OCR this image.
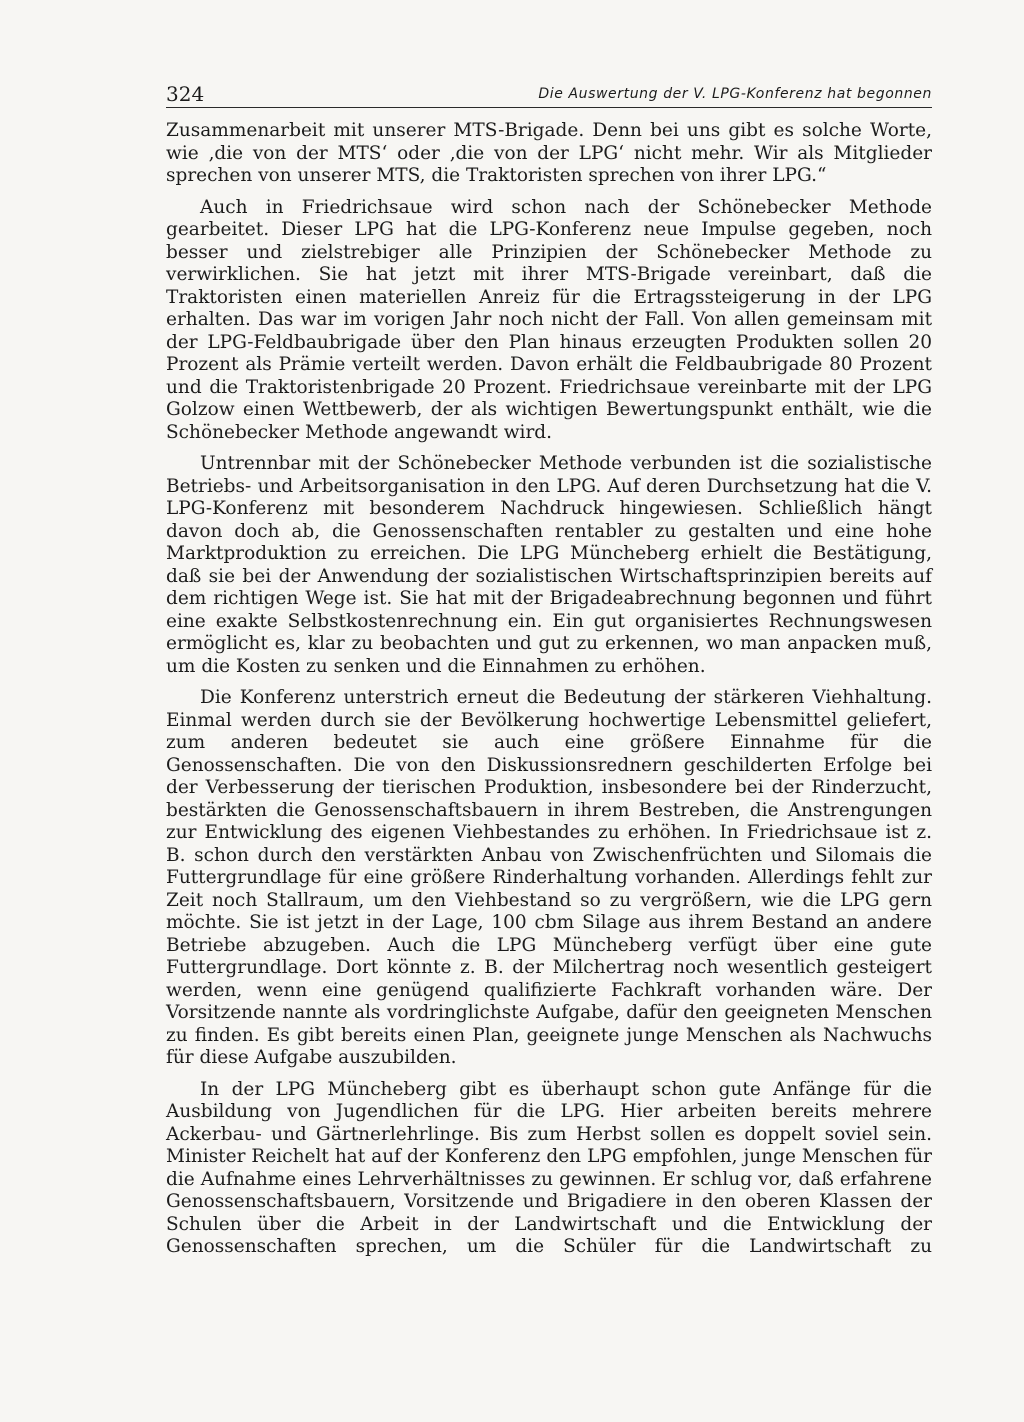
324	Die Auswertung der V. LPG-Konferenz hat begonnen

Zusammenarbeit mit unserer MTS-Brigade. Denn bei uns gibt es solche Worte, wie ‚die von der MTS‘ oder ‚die von der LPG‘ nicht mehr. Wir als Mitglieder sprechen von unserer MTS, die Traktoristen sprechen von ihrer LPG.“

Auch in Friedrichsaue wird schon nach der Schönebecker Methode gearbeitet. Dieser LPG hat die LPG-Konferenz neue Impulse gegeben, noch besser und zielstrebiger alle Prinzipien der Schönebecker Methode zu verwirklichen. Sie hat jetzt mit ihrer MTS-Brigade vereinbart, daß die Traktoristen einen materiellen Anreiz für die Ertragssteigerung in der LPG erhalten. Das war im vorigen Jahr noch nicht der Fall. Von allen gemeinsam mit der LPG-Feldbaubrigade über den Plan hinaus erzeugten Produkten sollen 20 Prozent als Prämie verteilt werden. Davon erhält die Feldbaubrigade 80 Prozent und die Traktoristenbrigade 20 Prozent. Friedrichsaue vereinbarte mit der LPG Golzow einen Wettbewerb, der als wichtigen Bewertungspunkt enthält, wie die Schönebecker Methode angewandt wird.

Untrennbar mit der Schönebecker Methode verbunden ist die sozialistische Betriebs- und Arbeitsorganisation in den LPG. Auf deren Durchsetzung hat die V. LPG-Konferenz mit besonderem Nachdruck hingewiesen. Schließlich hängt davon doch ab, die Genossenschaften rentabler zu gestalten und eine hohe Marktproduktion zu erreichen. Die LPG Müncheberg erhielt die Bestätigung, daß sie bei der Anwendung der sozialistischen Wirtschaftsprinzipien bereits auf dem richtigen Wege ist. Sie hat mit der Brigadeabrechnung begonnen und führt eine exakte Selbstkostenrechnung ein. Ein gut organisiertes Rechnungswesen ermöglicht es, klar zu beobachten und gut zu erkennen, wo man anpacken muß, um die Kosten zu senken und die Einnahmen zu erhöhen.

Die Konferenz unterstrich erneut die Bedeutung der stärkeren Viehhaltung. Einmal werden durch sie der Bevölkerung hochwertige Lebensmittel geliefert, zum anderen bedeutet sie auch eine größere Einnahme für die Genossenschaften. Die von den Diskussionsrednern geschilderten Erfolge bei der Verbesserung der tierischen Produktion, insbesondere bei der Rinderzucht, bestärkten die Genossenschaftsbauern in ihrem Bestreben, die Anstrengungen zur Entwicklung des eigenen Viehbestandes zu erhöhen. In Friedrichsaue ist z. B. schon durch den verstärkten Anbau von Zwischenfrüchten und Silomais die Futtergrundlage für eine größere Rinderhaltung vorhanden. Allerdings fehlt zur Zeit noch Stallraum, um den Viehbestand so zu vergrößern, wie die LPG gern möchte. Sie ist jetzt in der Lage, 100 cbm Silage aus ihrem Bestand an andere Betriebe abzugeben. Auch die LPG Müncheberg verfügt über eine gute Futtergrundlage. Dort könnte z. B. der Milchertrag noch wesentlich gesteigert werden, wenn eine genügend qualifizierte Fachkraft vorhanden wäre. Der Vorsitzende nannte als vordringlichste Aufgabe, dafür den geeigneten Menschen zu finden. Es gibt bereits einen Plan, geeignete junge Menschen als Nachwuchs für diese Aufgabe auszubilden.

In der LPG Müncheberg gibt es überhaupt schon gute Anfänge für die Ausbildung von Jugendlichen für die LPG. Hier arbeiten bereits mehrere Ackerbau- und Gärtnerlehrlinge. Bis zum Herbst sollen es doppelt soviel sein. Minister Reichelt hat auf der Konferenz den LPG empfohlen, junge Menschen für die Aufnahme eines Lehrverhältnisses zu gewinnen. Er schlug vor, daß erfahrene Genossenschaftsbauern, Vorsitzende und Brigadiere in den oberen Klassen der Schulen über die Arbeit in der Landwirtschaft und die Entwicklung der Genossenschaften sprechen, um die Schüler für die Landwirtschaft zu
